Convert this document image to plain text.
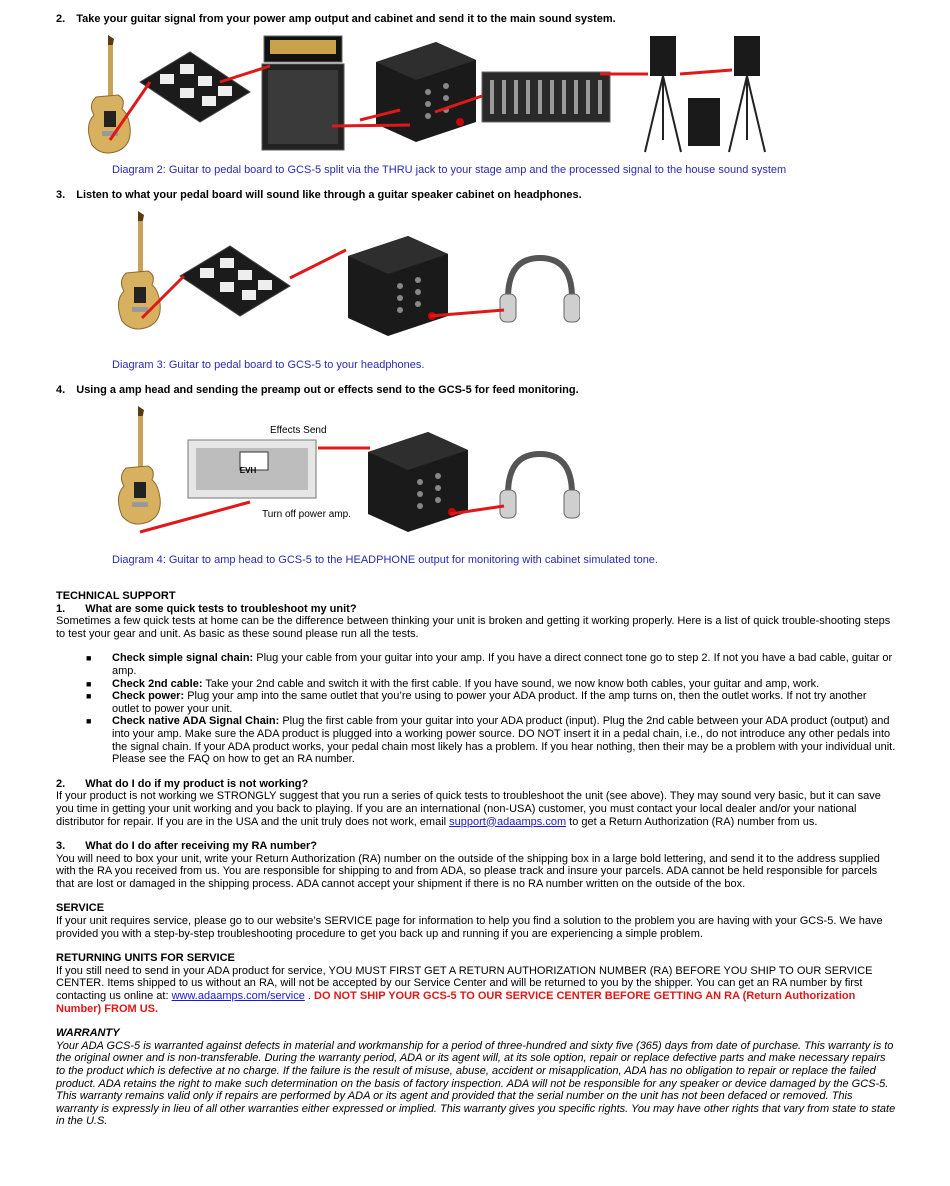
2. Take your guitar signal from your power amp output and cabinet and send it to the main sound system.
Diagram 2: Guitar to pedal board to GCS-5 split via the THRU jack to your stage amp and the processed signal to the house sound system
3. Listen to what your pedal board will sound like through a guitar speaker cabinet on headphones.
Diagram 3: Guitar to pedal board to GCS-5 to your headphones.
4. Using a amp head and sending the preamp out or effects send to the GCS-5 for feed monitoring.
EVH
Effects Send
Turn off power amp.
Diagram 4: Guitar to amp head to GCS-5 to the HEADPHONE output for monitoring with cabinet simulated tone.
TECHNICAL SUPPORT
1. What are some quick tests to troubleshoot my unit?
Sometimes a few quick tests at home can be the difference between thinking your unit is broken and getting it working properly. Here is a list of quick trouble-shooting steps to test your gear and unit. As basic as these sound please run all the tests.
■ Check simple signal chain: Plug your cable from your guitar into your amp. If you have a direct connect tone go to step 2. If not you have a bad cable, guitar or amp.
■ Check 2nd cable: Take your 2nd cable and switch it with the first cable. If you have sound, we now know both cables, your guitar and amp, work.
■ Check power: Plug your amp into the same outlet that you’re using to power your ADA product. If the amp turns on, then the outlet works. If not try another outlet to power your unit.
■ Check native ADA Signal Chain: Plug the first cable from your guitar into your ADA product (input). Plug the 2nd cable between your ADA product (output) and into your amp. Make sure the ADA product is plugged into a working power source. DO NOT insert it in a pedal chain, i.e., do not introduce any other pedals into the signal chain. If your ADA product works, your pedal chain most likely has a problem. If you hear nothing, then their may be a problem with your individual unit. Please see the FAQ on how to get an RA number.
2. What do I do if my product is not working?
If your product is not working we STRONGLY suggest that you run a series of quick tests to troubleshoot the unit (see above). They may sound very basic, but it can save you time in getting your unit working and you back to playing. If you are an international (non-USA) customer, you must contact your local dealer and/or your national distributor for repair. If you are in the USA and the unit truly does not work, email support@adaamps.com to get a Return Authorization (RA) number from us.
3. What do I do after receiving my RA number?
You will need to box your unit, write your Return Authorization (RA) number on the outside of the shipping box in a large bold lettering, and send it to the address supplied with the RA you received from us. You are responsible for shipping to and from ADA, so please track and insure your parcels. ADA cannot be held responsible for parcels that are lost or damaged in the shipping process. ADA cannot accept your shipment if there is no RA number written on the outside of the box.
SERVICE
If your unit requires service, please go to our website’s SERVICE page for information to help you find a solution to the problem you are having with your GCS-5. We have provided you with a step-by-step troubleshooting procedure to get you back up and running if you are experiencing a simple problem.
RETURNING UNITS FOR SERVICE
If you still need to send in your ADA product for service, YOU MUST FIRST GET A RETURN AUTHORIZATION NUMBER (RA) BEFORE YOU SHIP TO OUR SERVICE CENTER. Items shipped to us without an RA, will not be accepted by our Service Center and will be returned to you by the shipper. You can get an RA number by first contacting us online at: www.adaamps.com/service . DO NOT SHIP YOUR GCS-5 TO OUR SERVICE CENTER BEFORE GETTING AN RA (Return Authorization Number) FROM US.
WARRANTY
Your ADA GCS-5 is warranted against defects in material and workmanship for a period of three-hundred and sixty five (365) days from date of purchase. This warranty is to the original owner and is non-transferable. During the warranty period, ADA or its agent will, at its sole option, repair or replace defective parts and make necessary repairs to the product which is defective at no charge. If the failure is the result of misuse, abuse, accident or misapplication, ADA has no obligation to repair or replace the failed product. ADA retains the right to make such determination on the basis of factory inspection. ADA will not be responsible for any speaker or device damaged by the GCS-5. This warranty remains valid only if repairs are performed by ADA or its agent and provided that the serial number on the unit has not been defaced or removed. This warranty is expressly in lieu of all other warranties either expressed or implied. This warranty gives you specific rights. You may have other rights that vary from state to state in the U.S.
